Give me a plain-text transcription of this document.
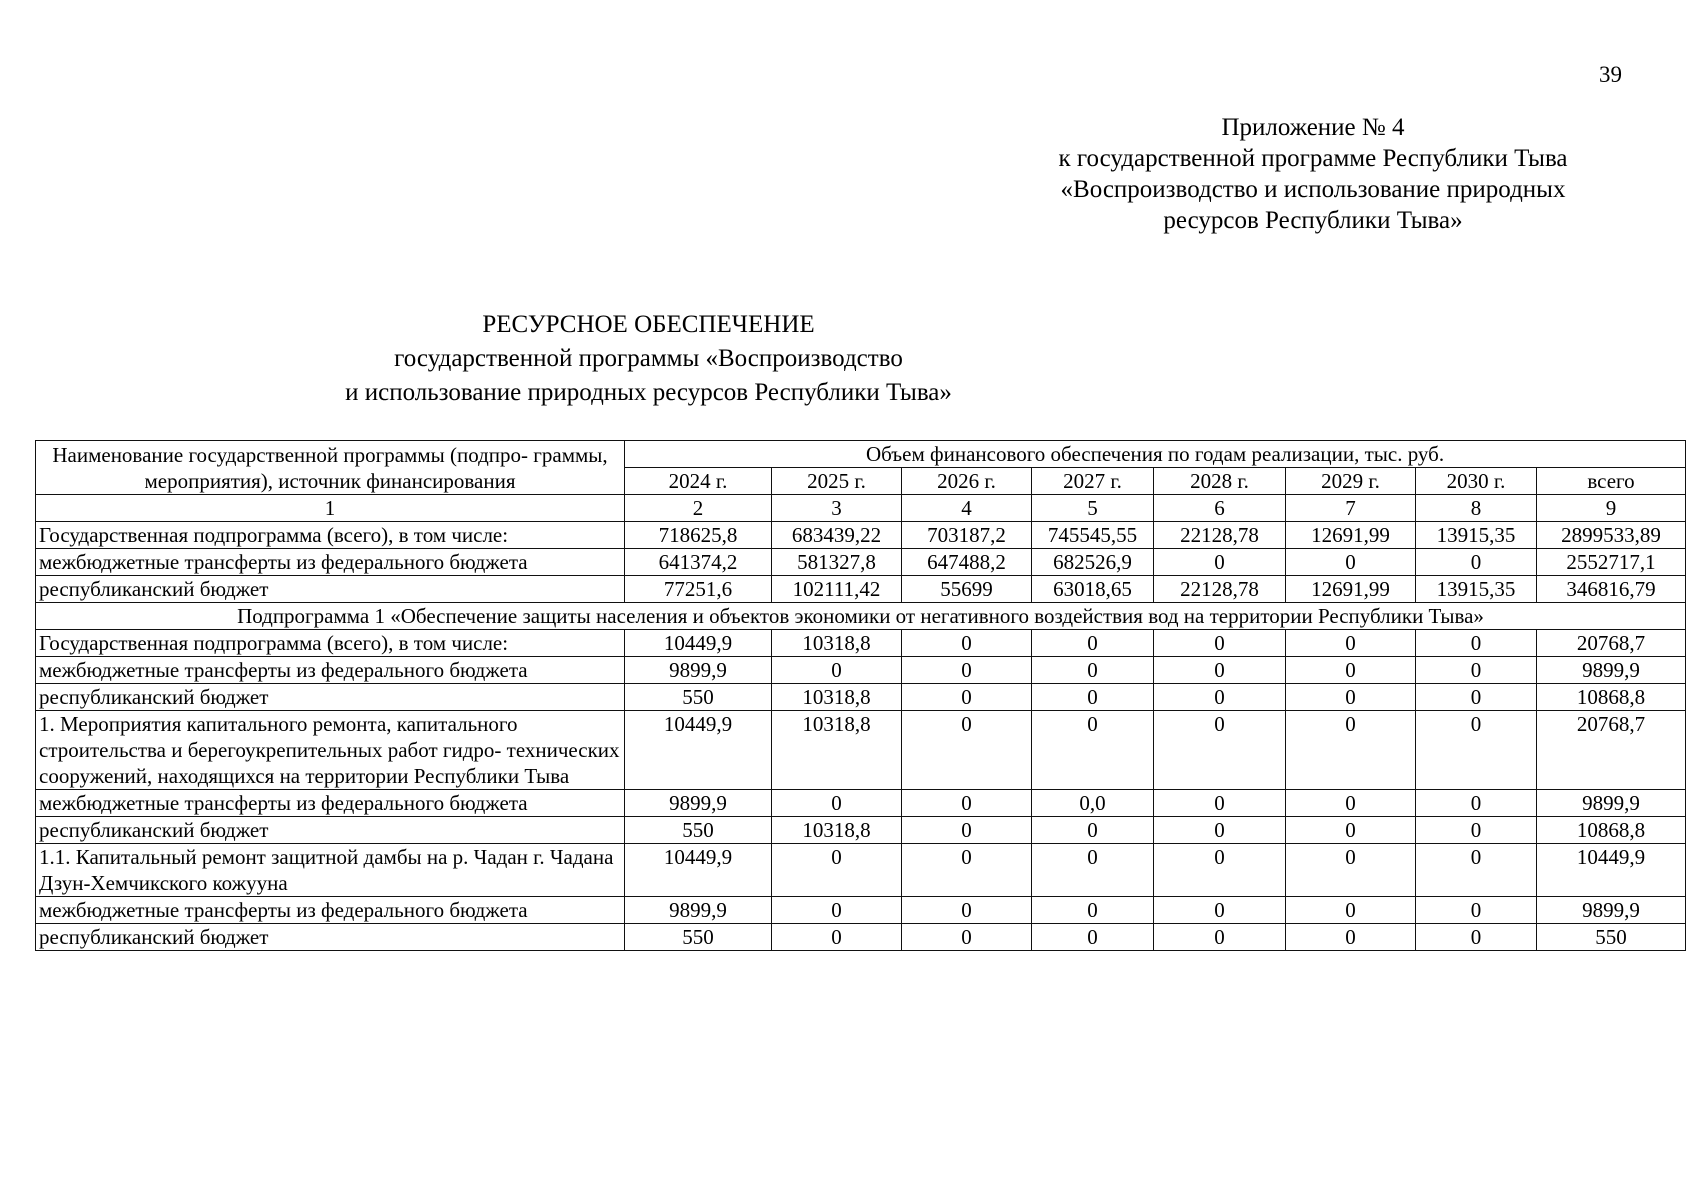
39
Приложение № 4
к государственной программе Республики Тыва
«Воспроизводство и использование природных
ресурсов Республики Тыва»
РЕСУРСНОЕ ОБЕСПЕЧЕНИЕ
государственной программы «Воспроизводство
и использование природных ресурсов Республики Тыва»
Наименование государственной программы (подпро- граммы, мероприятия), источник финансирования	Объем финансового обеспечения по годам реализации, тыс. руб.							
	2024 г.	2025 г.	2026 г.	2027 г.	2028 г.	2029 г.	2030 г.	всего
1	2	3	4	5	6	7	8	9
Государственная подпрограмма (всего), в том числе:	718625,8	683439,22	703187,2	745545,55	22128,78	12691,99	13915,35	2899533,89
межбюджетные трансферты из федерального бюджета	641374,2	581327,8	647488,2	682526,9	0	0	0	2552717,1
республиканский бюджет	77251,6	102111,42	55699	63018,65	22128,78	12691,99	13915,35	346816,79
Подпрограмма 1 «Обеспечение защиты населения и объектов экономики от негативного воздействия вод на территории Республики Тыва»								
Государственная подпрограмма (всего), в том числе:	10449,9	10318,8	0	0	0	0	0	20768,7
межбюджетные трансферты из федерального бюджета	9899,9	0	0	0	0	0	0	9899,9
республиканский бюджет	550	10318,8	0	0	0	0	0	10868,8
1. Мероприятия капитального ремонта, капитального строительства и берегоукрепительных работ гидро- технических сооружений, находящихся на территории Республики Тыва	10449,9	10318,8	0	0	0	0	0	20768,7
межбюджетные трансферты из федерального бюджета	9899,9	0	0	0,0	0	0	0	9899,9
республиканский бюджет	550	10318,8	0	0	0	0	0	10868,8
1.1. Капитальный ремонт защитной дамбы на р. Чадан г. Чадана Дзун-Хемчикского кожууна	10449,9	0	0	0	0	0	0	10449,9
межбюджетные трансферты из федерального бюджета	9899,9	0	0	0	0	0	0	9899,9
республиканский бюджет	550	0	0	0	0	0	0	550
